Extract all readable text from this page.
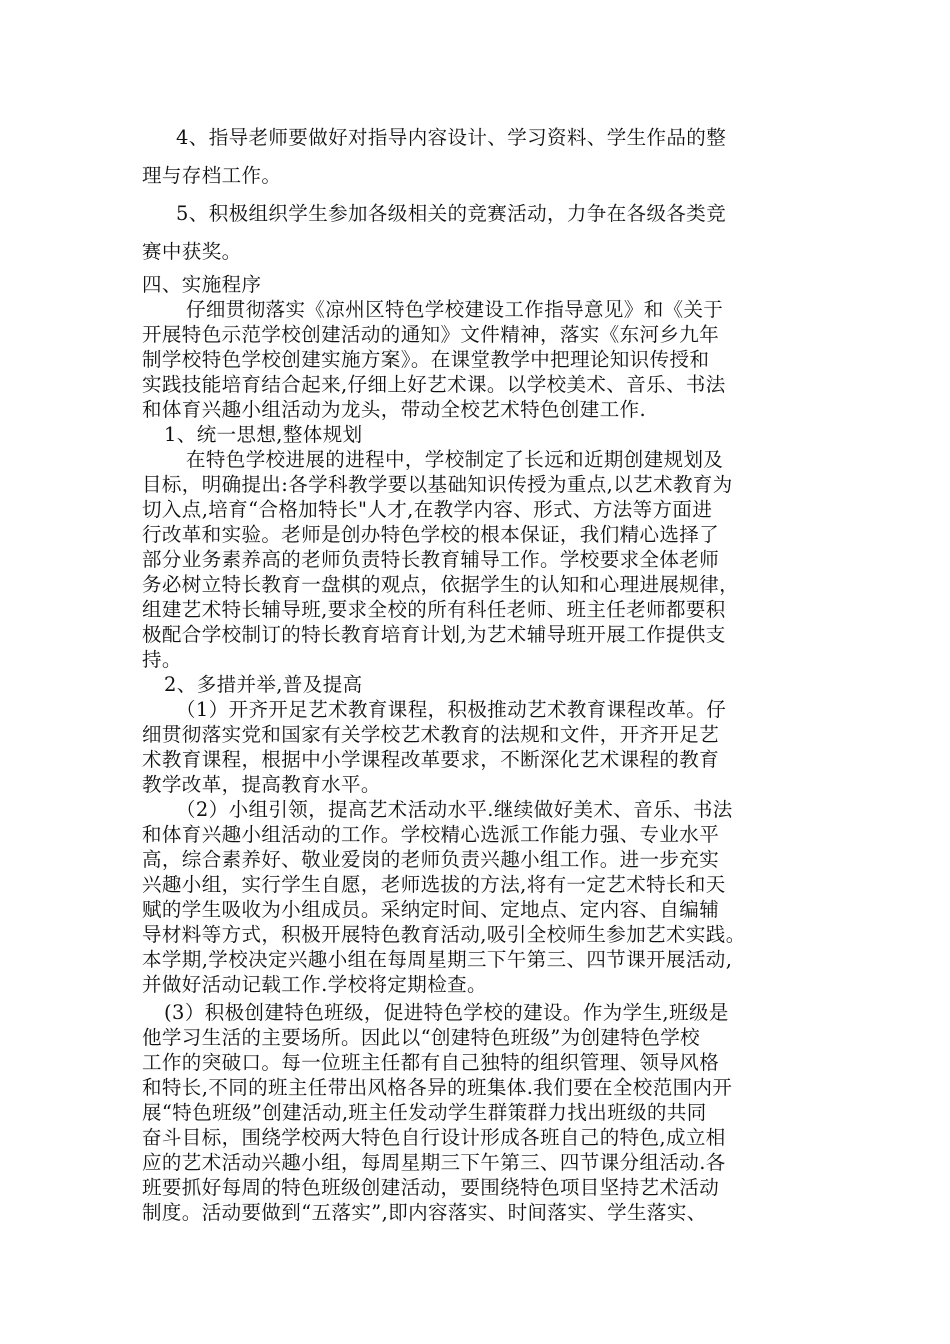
4、指导老师要做好对指导内容设计、学习资料、学生作品的整
理与存档工作。
5、积极组织学生参加各级相关的竞赛活动，力争在各级各类竞
赛中获奖。
四、实施程序
仔细贯彻落实《凉州区特色学校建设工作指导意见》和《关于
开展特色示范学校创建活动的通知》文件精神，落实《东河乡九年
制学校特色学校创建实施方案》。在课堂教学中把理论知识传授和
实践技能培育结合起来,仔细上好艺术课。以学校美术、音乐、书法
和体育兴趣小组活动为龙头，带动全校艺术特色创建工作.
1、统一思想,整体规划
在特色学校进展的进程中，学校制定了长远和近期创建规划及
目标，明确提出:各学科教学要以基础知识传授为重点,以艺术教育为
切入点,培育“合格加特长"人才,在教学内容、形式、方法等方面进
行改革和实验。老师是创办特色学校的根本保证，我们精心选择了
部分业务素养高的老师负责特长教育辅导工作。学校要求全体老师
务必树立特长教育一盘棋的观点，依据学生的认知和心理进展规律，
组建艺术特长辅导班,要求全校的所有科任老师、班主任老师都要积
极配合学校制订的特长教育培育计划,为艺术辅导班开展工作提供支
持。
2、多措并举,普及提高
（1）开齐开足艺术教育课程，积极推动艺术教育课程改革。仔
细贯彻落实党和国家有关学校艺术教育的法规和文件，开齐开足艺
术教育课程，根据中小学课程改革要求，不断深化艺术课程的教育
教学改革，提高教育水平。
（2）小组引领，提高艺术活动水平.继续做好美术、音乐、书法
和体育兴趣小组活动的工作。学校精心选派工作能力强、专业水平
高，综合素养好、敬业爱岗的老师负责兴趣小组工作。进一步充实
兴趣小组，实行学生自愿，老师选拔的方法,将有一定艺术特长和天
赋的学生吸收为小组成员。采纳定时间、定地点、定内容、自编辅
导材料等方式，积极开展特色教育活动,吸引全校师生参加艺术实践。
本学期,学校决定兴趣小组在每周星期三下午第三、四节课开展活动,
并做好活动记载工作.学校将定期检查。
(3）积极创建特色班级，促进特色学校的建设。作为学生,班级是
他学习生活的主要场所。因此以“创建特色班级”为创建特色学校
工作的突破口。每一位班主任都有自己独特的组织管理、领导风格
和特长,不同的班主任带出风格各异的班集体.我们要在全校范围内开
展“特色班级”创建活动,班主任发动学生群策群力找出班级的共同
奋斗目标，围绕学校两大特色自行设计形成各班自己的特色,成立相
应的艺术活动兴趣小组，每周星期三下午第三、四节课分组活动.各
班要抓好每周的特色班级创建活动，要围绕特色项目坚持艺术活动
制度。活动要做到“五落实”,即内容落实、时间落实、学生落实、
